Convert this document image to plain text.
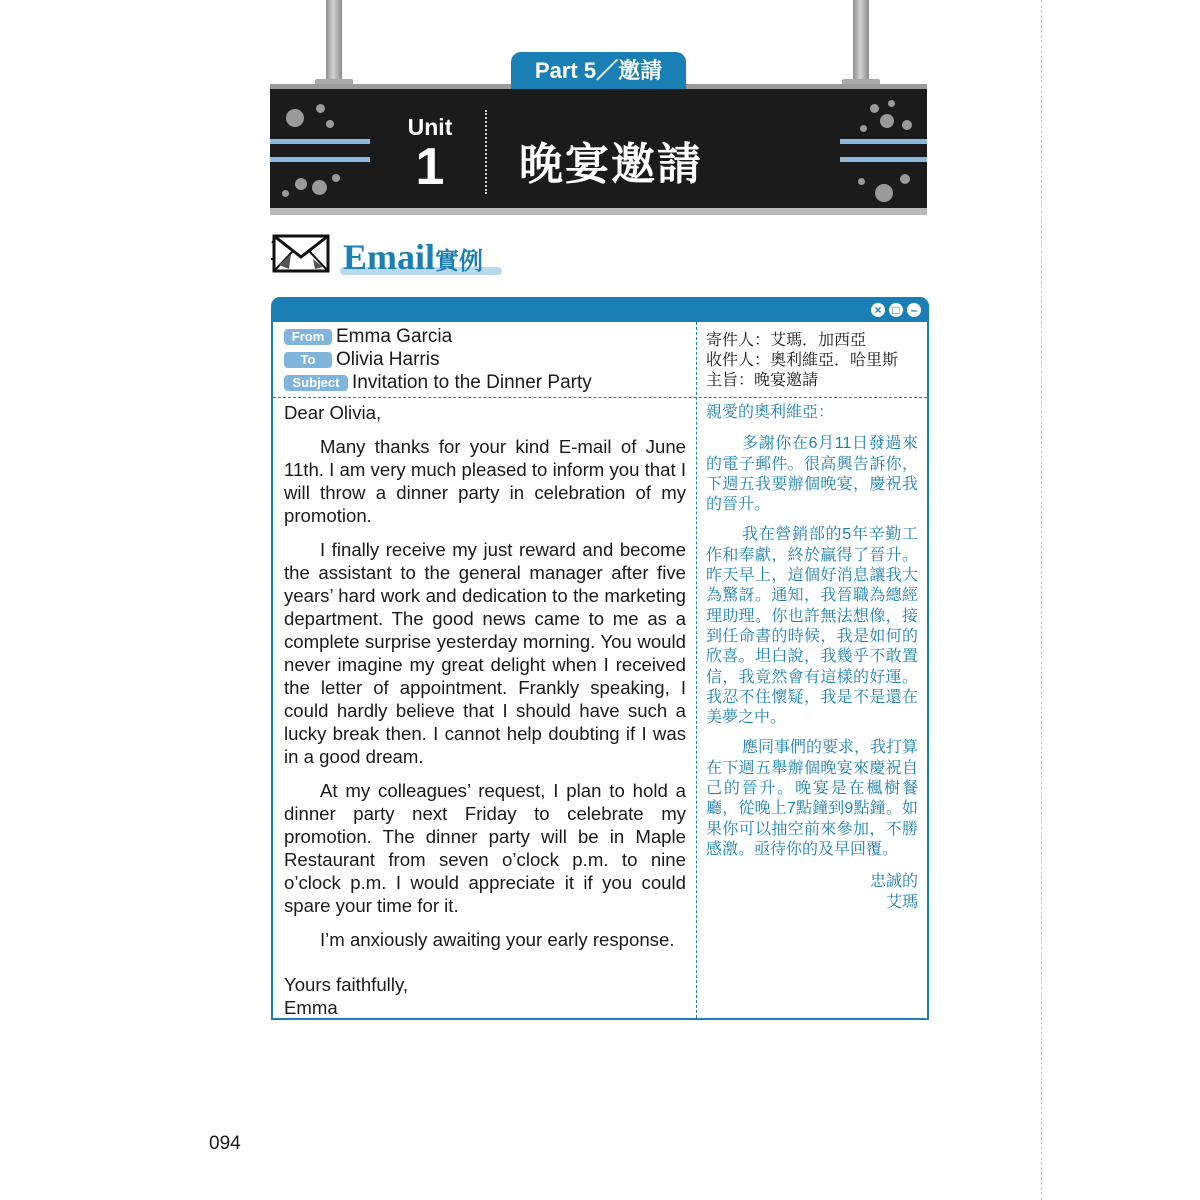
Part 5／邀請
Unit
1	晚宴邀請
Email實例
× □ –
From Emma Garcia
To Olivia Harris
Subject Invitation to the Dinner Party
寄件人：艾瑪．加西亞
收件人：奧利維亞．哈里斯
主旨：晚宴邀請

Dear Olivia,

Many thanks for your kind E-mail of June 11th. I am very much pleased to inform you that I will throw a dinner party in celebration of my promotion.

I finally receive my just reward and become the assistant to the general manager after five years’ hard work and dedication to the marketing department. The good news came to me as a complete surprise yesterday morning. You would never imagine my great delight when I received the letter of appointment. Frankly speaking, I could hardly believe that I should have such a lucky break then. I cannot help doubting if I was in a good dream.

At my colleagues’ request, I plan to hold a dinner party next Friday to celebrate my promotion. The dinner party will be in Maple Restaurant from seven o’clock p.m. to nine o’clock p.m. I would appreciate it if you could spare your time for it.

I’m anxiously awaiting your early response.

Yours faithfully,

Emma

親愛的奧利維亞：

多謝你在6月11日發過來的電子郵件。很高興告訴你，下週五我要辦個晚宴，慶祝我的晉升。

我在營銷部的5年辛勤工作和奉獻，終於贏得了晉升。昨天早上，這個好消息讓我大為驚訝。通知，我晉職為總經理助理。你也許無法想像，接到任命書的時候，我是如何的欣喜。坦白說，我幾乎不敢置信，我竟然會有這樣的好運。我忍不住懷疑，我是不是還在美夢之中。

應同事們的要求，我打算在下週五舉辦個晚宴來慶祝自己的晉升。晚宴是在楓樹餐廳，從晚上7點鐘到9點鐘。如果你可以抽空前來參加，不勝感激。亟待你的及早回覆。

忠誠的

艾瑪

094
